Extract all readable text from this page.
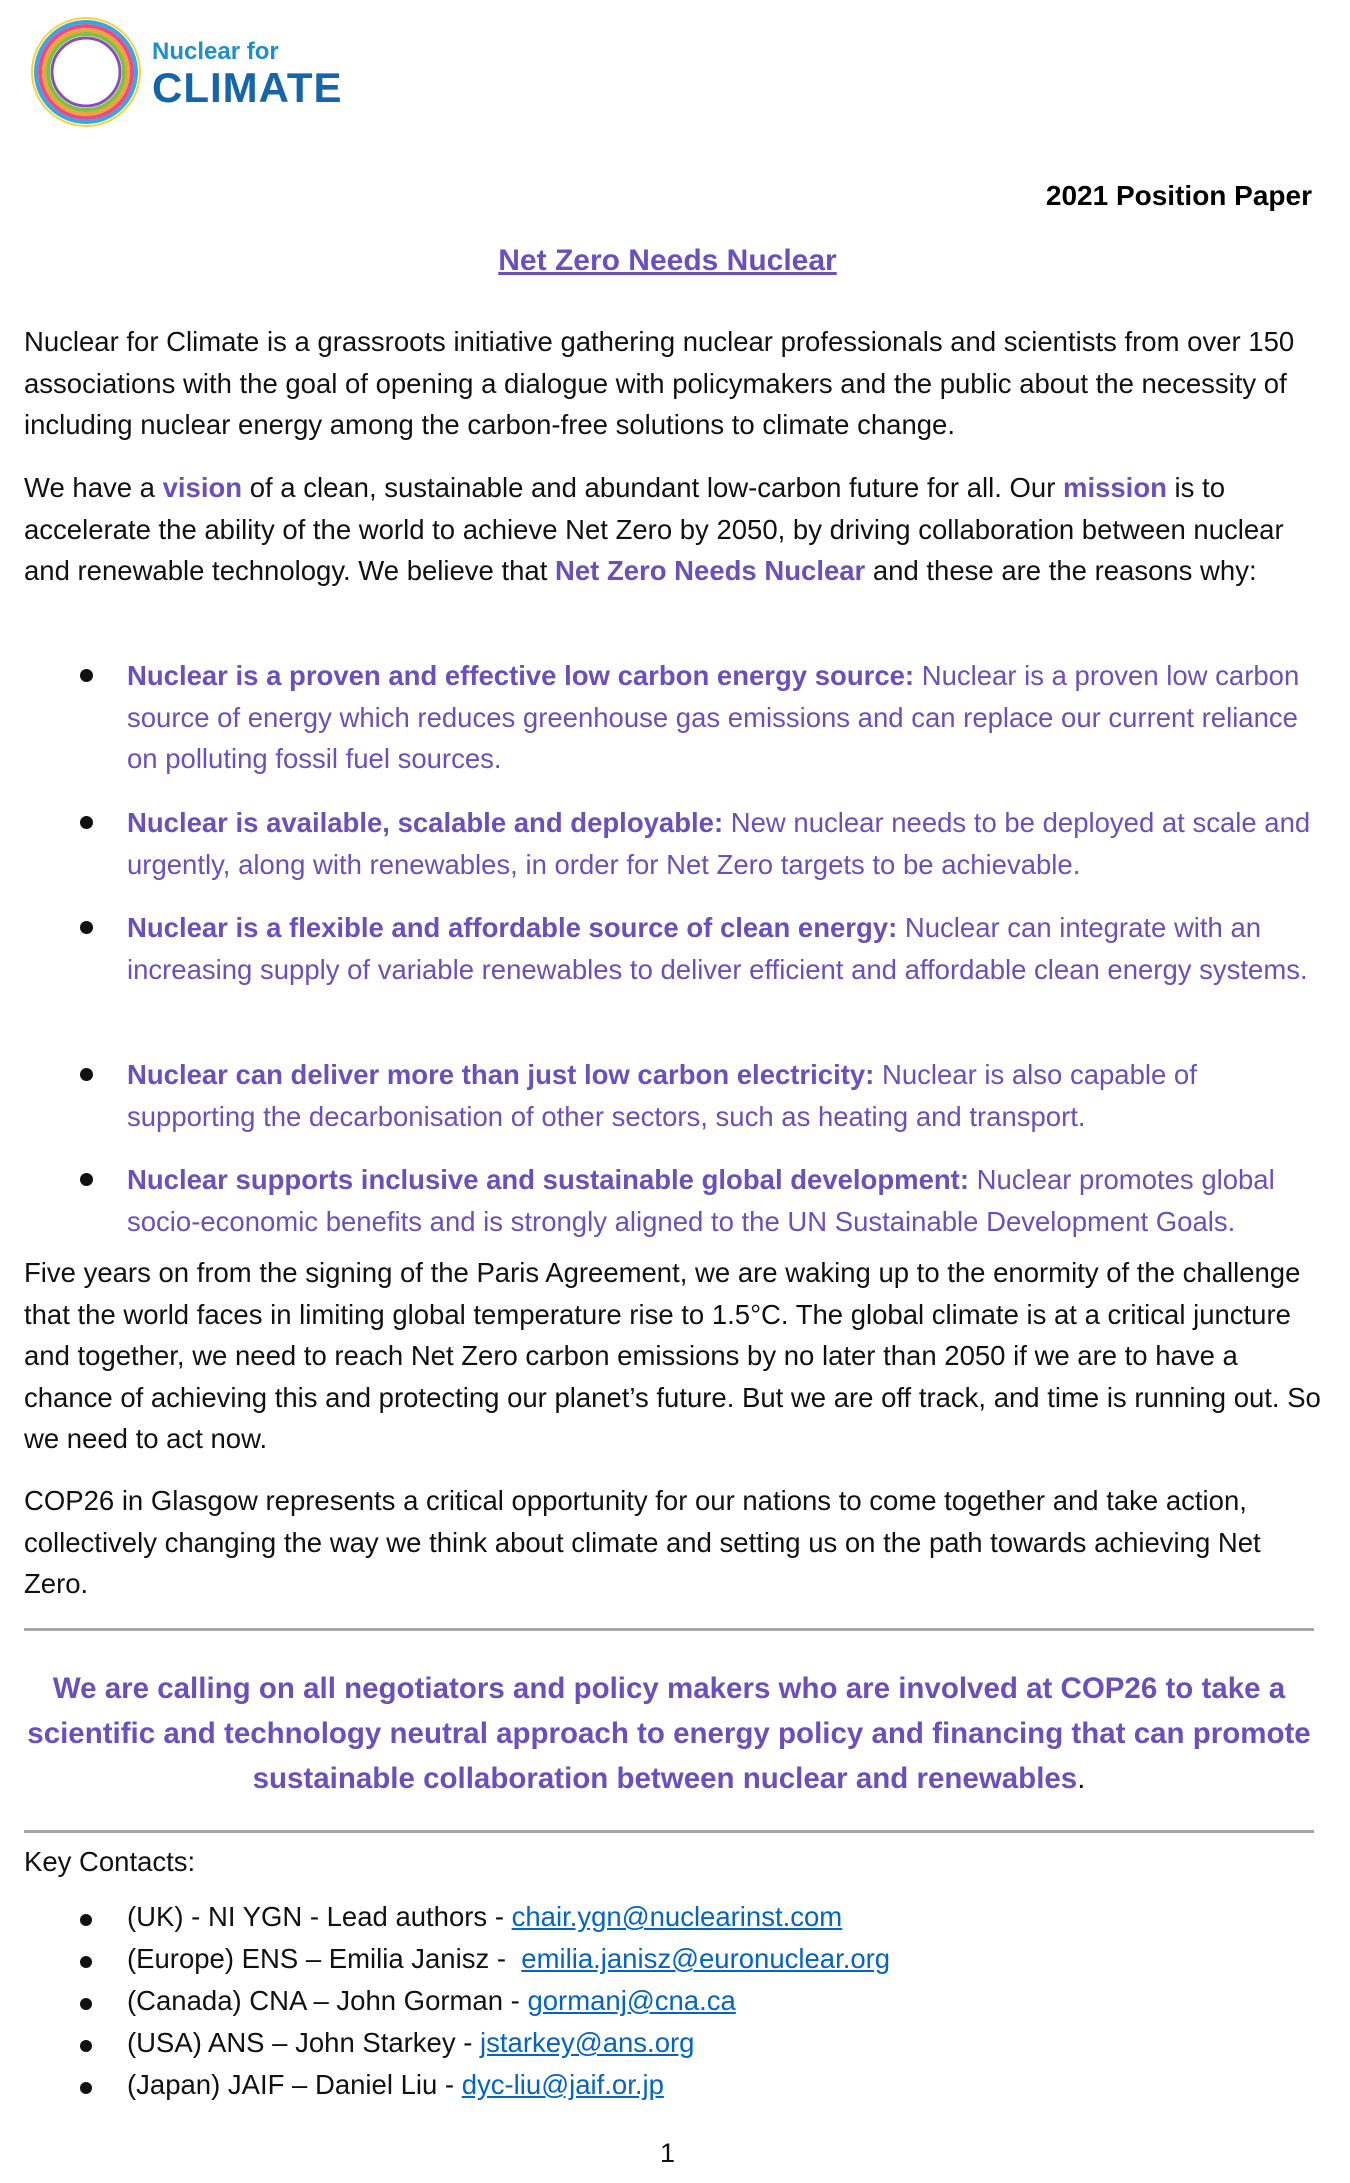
Nuclear for
CLIMATE
2021 Position Paper
Net Zero Needs Nuclear
Nuclear for Climate is a grassroots initiative gathering nuclear professionals and scientists from over 150 associations with the goal of opening a dialogue with policymakers and the public about the necessity of including nuclear energy among the carbon-free solutions to climate change.
We have a vision of a clean, sustainable and abundant low-carbon future for all. Our mission is to accelerate the ability of the world to achieve Net Zero by 2050, by driving collaboration between nuclear and renewable technology. We believe that Net Zero Needs Nuclear and these are the reasons why:
Nuclear is a proven and effective low carbon energy source: Nuclear is a proven low carbon source of energy which reduces greenhouse gas emissions and can replace our current reliance on polluting fossil fuel sources.
Nuclear is available, scalable and deployable: New nuclear needs to be deployed at scale and urgently, along with renewables, in order for Net Zero targets to be achievable.
Nuclear is a flexible and affordable source of clean energy: Nuclear can integrate with an increasing supply of variable renewables to deliver efficient and affordable clean energy systems.
Nuclear can deliver more than just low carbon electricity: Nuclear is also capable of supporting the decarbonisation of other sectors, such as heating and transport.
Nuclear supports inclusive and sustainable global development: Nuclear promotes global socio-economic benefits and is strongly aligned to the UN Sustainable Development Goals.
Five years on from the signing of the Paris Agreement, we are waking up to the enormity of the challenge that the world faces in limiting global temperature rise to 1.5°C. The global climate is at a critical juncture and together, we need to reach Net Zero carbon emissions by no later than 2050 if we are to have a chance of achieving this and protecting our planet’s future. But we are off track, and time is running out. So we need to act now.
COP26 in Glasgow represents a critical opportunity for our nations to come together and take action, collectively changing the way we think about climate and setting us on the path towards achieving Net Zero.
We are calling on all negotiators and policy makers who are involved at COP26 to take a scientific and technology neutral approach to energy policy and financing that can promote sustainable collaboration between nuclear and renewables.
Key Contacts:
(UK) - NI YGN - Lead authors - chair.ygn@nuclearinst.com
(Europe) ENS – Emilia Janisz -  emilia.janisz@euronuclear.org
(Canada) CNA – John Gorman - gormanj@cna.ca
(USA) ANS – John Starkey - jstarkey@ans.org
(Japan) JAIF – Daniel Liu - dyc-liu@jaif.or.jp
1
